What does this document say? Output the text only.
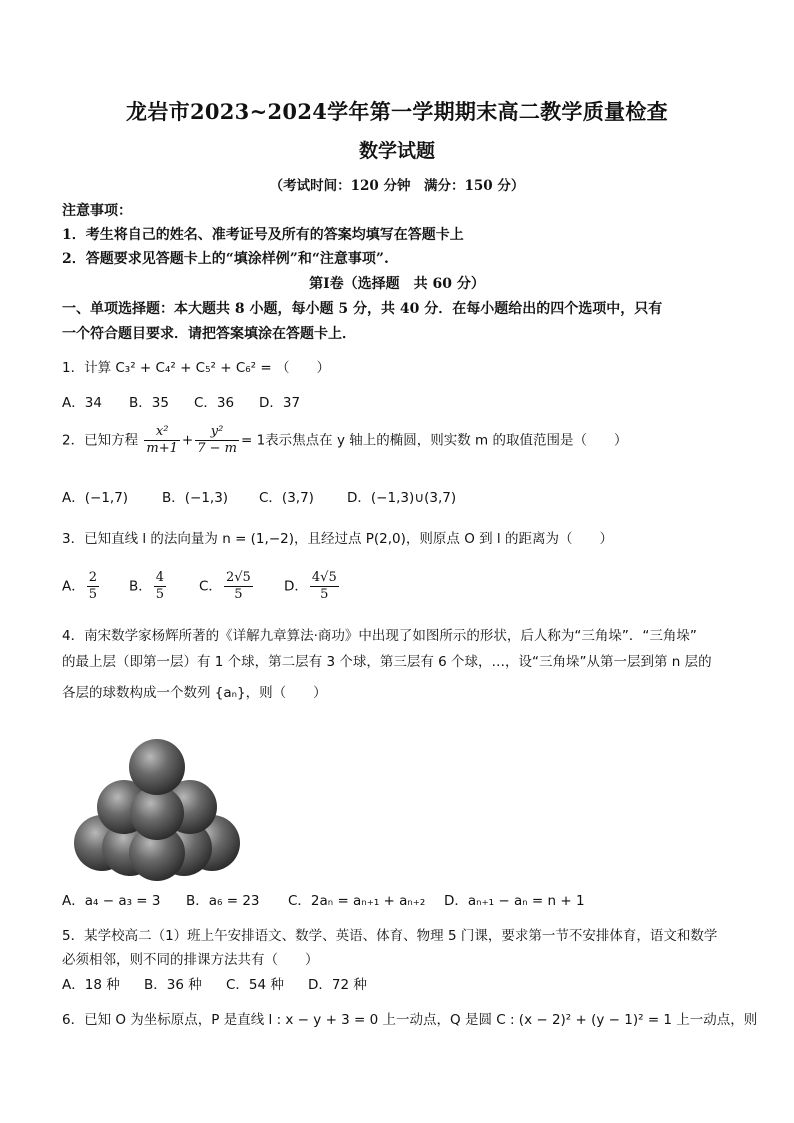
龙岩市2023~2024学年第一学期期末高二教学质量检查
数学试题
（考试时间：120 分钟　满分：150 分）
注意事项：
1．考生将自己的姓名、准考证号及所有的答案均填写在答题卡上
2．答题要求见答题卡上的“填涂样例”和“注意事项”.
第Ⅰ卷（选择题　共 60 分）
一、单项选择题：本大题共 8 小题，每小题 5 分，共 40 分．在每小题给出的四个选项中，只有
一个符合题目要求．请把答案填涂在答题卡上．
1．计算 C₃² + C₄² + C₅² + C₆² = （　　）
A．34 B．35 C．36 D．37
2．已知方程 $\frac{\text{x²}}{m+1} + \frac{\text{y²}}{7 - m} = 1$表示焦点在 y 轴上的椭圆，则实数 m 的取值范围是（　　）
A．(−1,7)	B．(−1,3) C．(3,7) D．(−1,3)∪(3,7)
3．已知直线 l 的法向量为 n = (1,−2)，且经过点 P(2,0)，则原点 O 到 l 的距离为（　　）
A． $\frac{2}{5}$ B． $\frac{4}{5}$ C． $\frac{2√5}{5}$ D． $\frac{4√5}{5}$
4．南宋数学家杨辉所著的《详解九章算法·商功》中出现了如图所示的形状，后人称为“三角垛”．“三角垛”
的最上层（即第一层）有 1 个球，第二层有 3 个球，第三层有 6 个球，…，设“三角垛”从第一层到第 n 层的
各层的球数构成一个数列 {aₙ}，则（　　）
A．a₄ − a₃ = 3 B．a₆ = 23 C．2aₙ = aₙ₊₁ + aₙ₊₂ D．aₙ₊₁ − aₙ = n + 1
5．某学校高二（1）班上午安排语文、数学、英语、体育、物理 5 门课，要求第一节不安排体育，语文和数学
必须相邻，则不同的排课方法共有（　　）
A．18 种 B．36 种 C．54 种 D．72 种
6．已知 O 为坐标原点，P 是直线 l : x − y + 3 = 0 上一动点，Q 是圆 C : (x − 2)² + (y − 1)² = 1 上一动点，则
